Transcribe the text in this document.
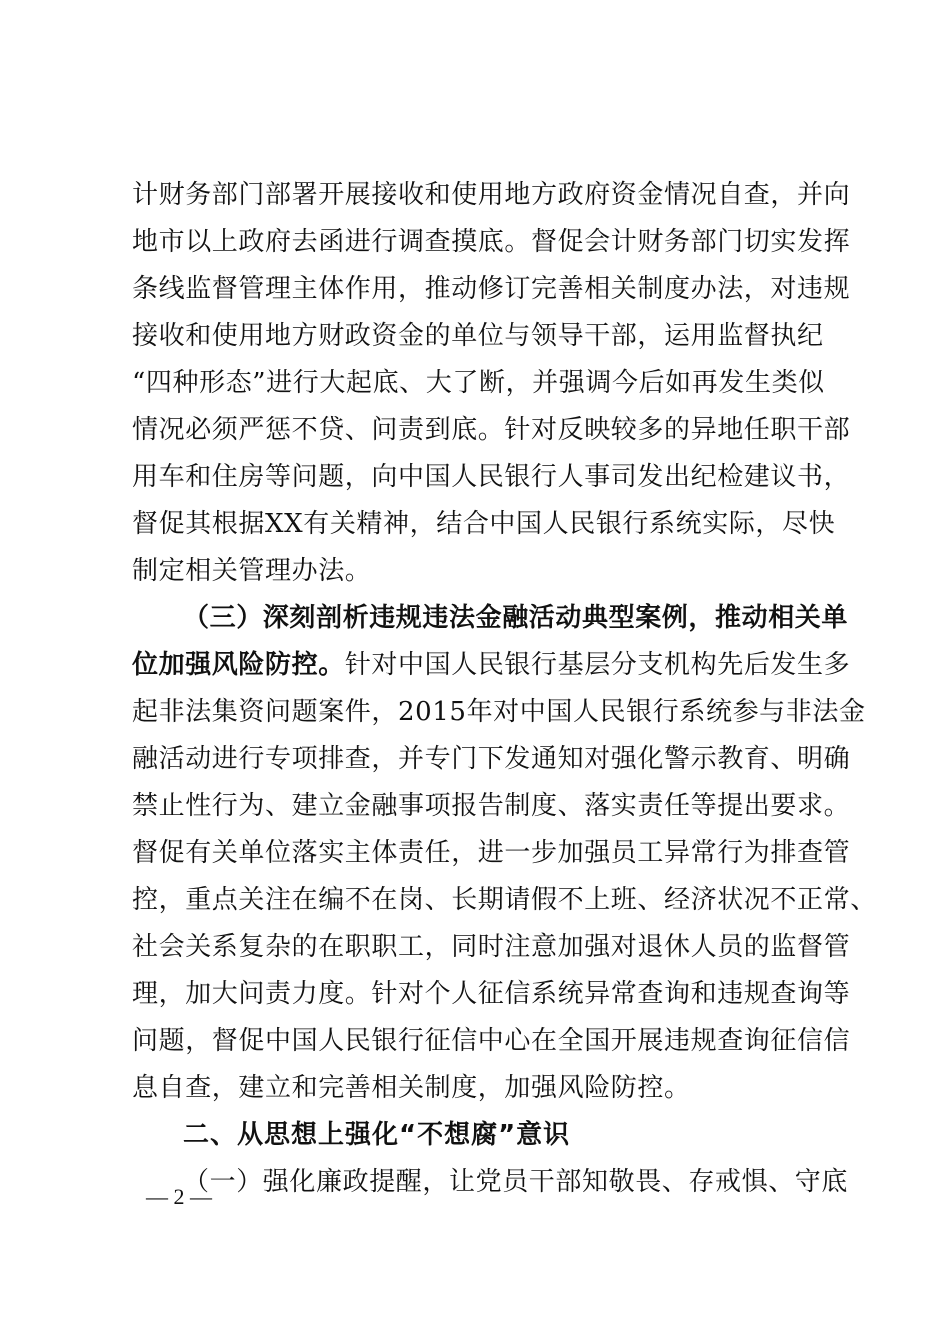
计财务部门部署开展接收和使用地方政府资金情况自查，并向
地市以上政府去函进行调查摸底。督促会计财务部门切实发挥
条线监督管理主体作用，推动修订完善相关制度办法，对违规
接收和使用地方财政资金的单位与领导干部，运用监督执纪
“四种形态”进行大起底、大了断，并强调今后如再发生类似
情况必须严惩不贷、问责到底。针对反映较多的异地任职干部
用车和住房等问题，向中国人民银行人事司发出纪检建议书，
督促其根据XX有关精神，结合中国人民银行系统实际，尽快
制定相关管理办法。
（三）深刻剖析违规违法金融活动典型案例，推动相关单
位加强风险防控。针对中国人民银行基层分支机构先后发生多
起非法集资问题案件，2015年对中国人民银行系统参与非法金
融活动进行专项排查，并专门下发通知对强化警示教育、明确
禁止性行为、建立金融事项报告制度、落实责任等提出要求。
督促有关单位落实主体责任，进一步加强员工异常行为排查管
控，重点关注在编不在岗、长期请假不上班、经济状况不正常、
社会关系复杂的在职职工，同时注意加强对退休人员的监督管
理，加大问责力度。针对个人征信系统异常查询和违规查询等
问题，督促中国人民银行征信中心在全国开展违规查询征信信
息自查，建立和完善相关制度，加强风险防控。
二、从思想上强化“不想腐”意识
（一）强化廉政提醒，让党员干部知敬畏、存戒惧、守底
— 2 —
